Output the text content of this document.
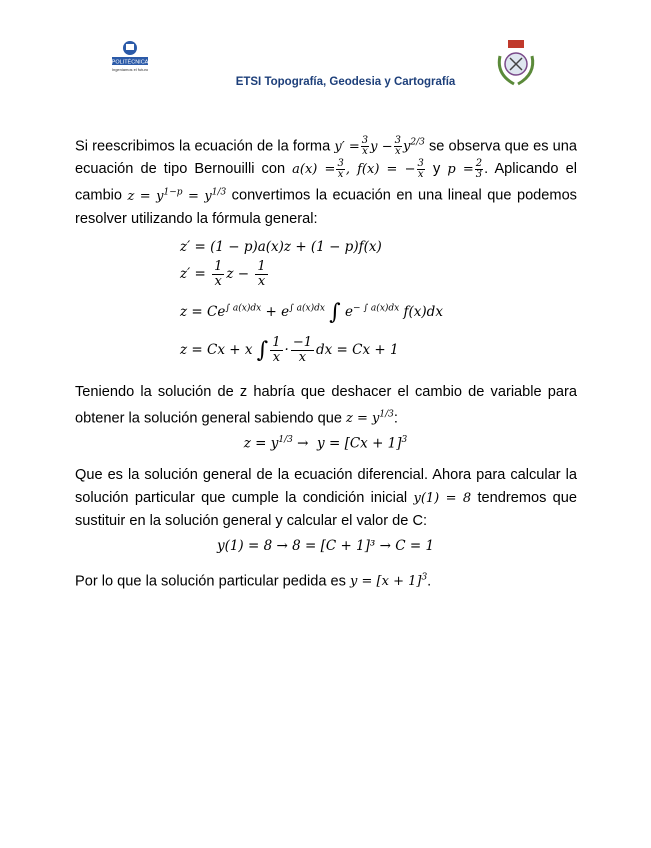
POLITÉCNICA
Ingeniamos el futuro
ETSI Topografía, Geodesia y Cartografía

Si reescribimos la ecuación de la forma $y' = \frac{3}{x}$ $y - \frac{3}{x} y^{2/3}$ se observa que es una ecuación de tipo Bernouilli con $a(x) = \frac{3}{x}$ , f(x) = − $\frac{3}{x}$ y $p = \frac{2}{3}$ . Aplicando el cambio $z = y^{1-p} = y^{1/3}$ convertimos la ecuación en una lineal que podemos resolver utilizando la fórmula general:

z′ = (1 − p)a(x)z + (1 − p)f(x)
$z' = \frac{1}{x}$ $z - \frac{1}{x}$
$z = Ce^{\int a(x)dx} + e^{\int a(x)dx}$ ∫ $e^{- \int a(x)dx}$ f(x)dx
z = Cx + x ∫ $\frac{1}{x} \cdot \frac{-1}{x}$ dx = Cx + 1

Teniendo la solución de z habría que deshacer el cambio de variable para obtener la solución general sabiendo que $z = y^{1/3}$:

$z = y^{1/3} \to y = [Cx + 1]^3$

Que es la solución general de la ecuación diferencial. Ahora para calcular la solución particular que cumple la condición inicial y(1) = 8 tendremos que sustituir en la solución general y calcular el valor de C:

y(1) = 8 → 8 = [C + 1]³ → C = 1

Por lo que la solución particular pedida es $y = [x + 1]^3$.
